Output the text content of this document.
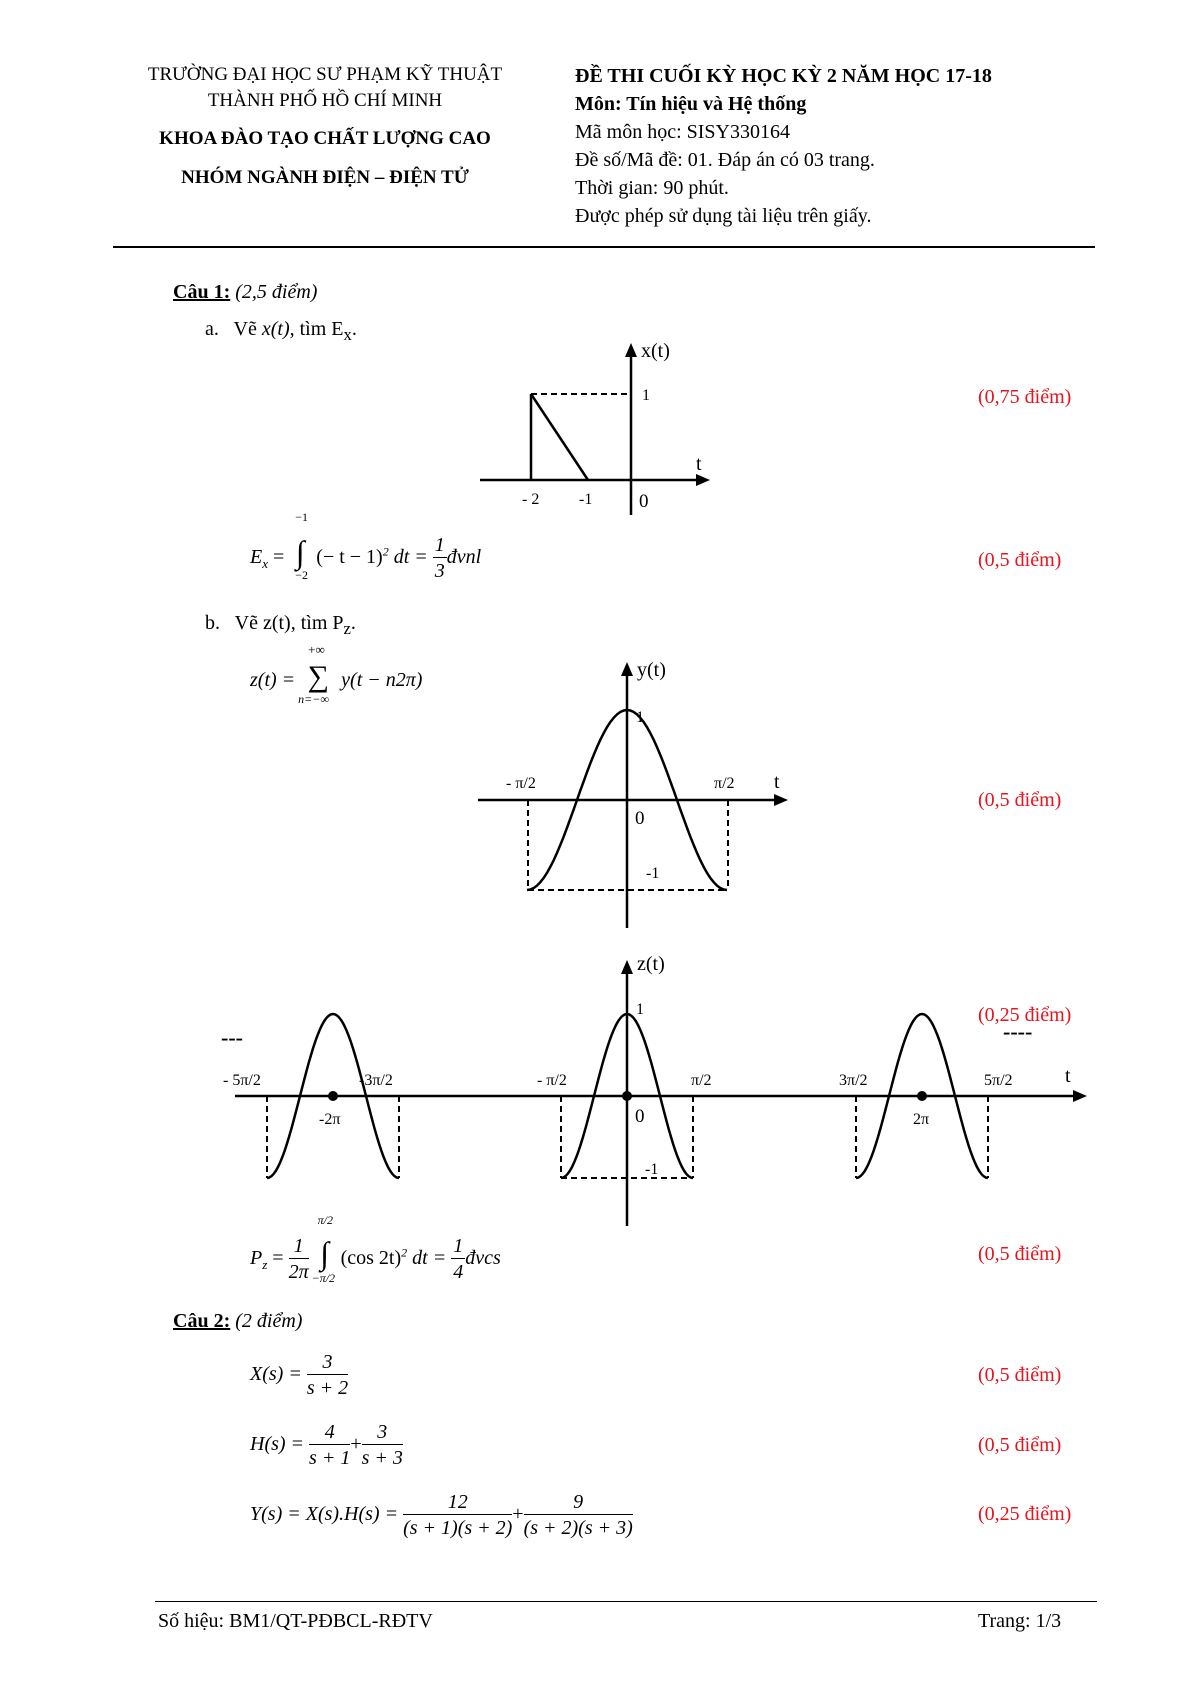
TRƯỜNG ĐẠI HỌC SƯ PHẠM KỸ THUẬT
THÀNH PHỐ HỒ CHÍ MINH
KHOA ĐÀO TẠO CHẤT LƯỢNG CAO
NHÓM NGÀNH ĐIỆN – ĐIỆN TỬ
ĐỀ THI CUỐI KỲ HỌC KỲ 2 NĂM HỌC 17-18
Môn: Tín hiệu và Hệ thống
Mã môn học: SISY330164
Đề số/Mã đề: 01. Đáp án có 03 trang.
Thời gian: 90 phút.
Được phép sử dụng tài liệu trên giấy.
Câu 1: (2,5 điểm)
a. Vẽ x(t), tìm $E_x$.
x(t)
t
1
- 2 -1 0
(0,75 điểm)
$E_x$ =
−1
∫
−2
(− t − 1)$^2$ dt = $\frac{1}{3}$ đvnl	(0,5 điểm)
b. Vẽ z(t), tìm $P_z$.
z(t) =
+∞
∑
n=−∞
y(t − n2π)	y(t)
t
1
-1
- π/2	π/2
0
(0,5 điểm)
z(t)
t
1
-1
0
- 5π/2	-3π/2	- π/2	π/2	3π/2	5π/2
-2π	2π
---	----
(0,25 điểm)
$P_z = \frac{1}{2\pi}$

π/2
∫
−π/2
(cos 2t)$^2$ dt = $\frac{1}{4}$ đvcs	(0,5 điểm)
Câu 2: (2 điểm)
$X(s) = \frac{3}{s + 2}$	(0,5 điểm)
$H(s) = \frac{4}{s + 1} + \frac{3}{s + 3}$	(0,5 điểm)
$Y(s) = X(s).H(s) = \frac{12}{(s + 1)(s + 2)} + \frac{9}{(s + 2)(s + 3)}$	(0,25 điểm)
Số hiệu: BM1/QT-PĐBCL-RĐTV	Trang: 1/3
